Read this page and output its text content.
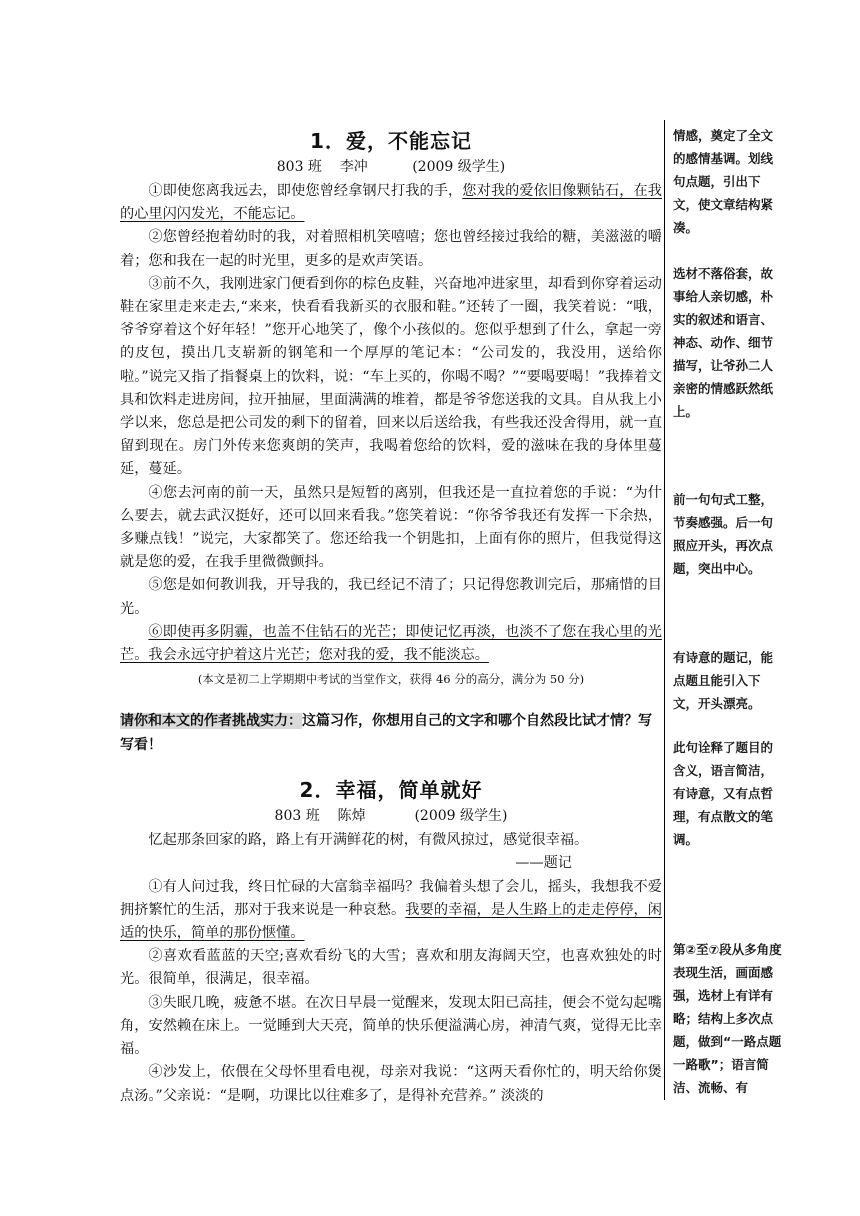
1．爱，不能忘记
803 班    李冲          (2009 级学生)

①即使您离我远去，即使您曾经拿钢尺打我的手，您对我的爱依旧像颗钻石，在我的心里闪闪发光，不能忘记。

②您曾经抱着幼时的我，对着照相机笑嘻嘻；您也曾经接过我给的糖，美滋滋的嚼着；您和我在一起的时光里，更多的是欢声笑语。

③前不久，我刚进家门便看到你的棕色皮鞋，兴奋地冲进家里，却看到你穿着运动鞋在家里走来走去,“来来，快看看我新买的衣服和鞋。”还转了一圈，我笑着说：“哦，爷爷穿着这个好年轻！”您开心地笑了，像个小孩似的。您似乎想到了什么，拿起一旁的皮包，摸出几支崭新的钢笔和一个厚厚的笔记本：“公司发的，我没用，送给你啦。”说完又指了指餐桌上的饮料，说：“车上买的，你喝不喝？”“要喝要喝！”我捧着文具和饮料走进房间，拉开抽屉，里面满满的堆着，都是爷爷您送我的文具。自从我上小学以来，您总是把公司发的剩下的留着，回来以后送给我，有些我还没舍得用，就一直留到现在。房门外传来您爽朗的笑声，我喝着您给的饮料，爱的滋味在我的身体里蔓延，蔓延。

④您去河南的前一天，虽然只是短暂的离别，但我还是一直拉着您的手说：“为什么要去，就去武汉挺好，还可以回来看我。”您笑着说：“你爷爷我还有发挥一下余热，多赚点钱！”说完，大家都笑了。您还给我一个钥匙扣，上面有你的照片，但我觉得这就是您的爱，在我手里微微颤抖。

⑤您是如何教训我，开导我的，我已经记不清了；只记得您教训完后，那痛惜的目光。

⑥即使再多阴霾，也盖不住钻石的光芒；即使记忆再淡，也淡不了您在我心里的光芒。我会永远守护着这片光芒；您对我的爱，我不能淡忘。

(本文是初二上学期期中考试的当堂作文，获得 46 分的高分，满分为 50 分)

请你和本文的作者挑战实力：这篇习作，你想用自己的文字和哪个自然段比试才情？写写看！

2．幸福，简单就好
803 班    陈焯           (2009 级学生)

忆起那条回家的路，路上有开满鲜花的树，有微风掠过，感觉很幸福。

——题记

①有人问过我，终日忙碌的大富翁幸福吗？我偏着头想了会儿，摇头，我想我不爱拥挤繁忙的生活，那对于我来说是一种哀愁。我要的幸福，是人生路上的走走停停，闲适的快乐，简单的那份惬懂。

②喜欢看蓝蓝的天空;喜欢看纷飞的大雪；喜欢和朋友海阔天空，也喜欢独处的时光。很简单，很满足，很幸福。

③失眠几晚，疲惫不堪。在次日早晨一觉醒来，发现太阳已高挂，便会不觉勾起嘴角，安然赖在床上。一觉睡到大天亮，简单的快乐便溢满心房，神清气爽，觉得无比幸福。

④沙发上，依偎在父母怀里看电视，母亲对我说：“这两天看你忙的，明天给你煲点汤。”父亲说：“是啊，功课比以往难多了，是得补充营养。” 淡淡的

情感，奠定了全文的感情基调。划线句点题，引出下文，使文章结构紧凑。
选材不落俗套，故事给人亲切感，朴实的叙述和语言、神态、动作、细节描写，让爷孙二人亲密的情感跃然纸上。
前一句句式工整，节奏感强。后一句照应开头，再次点题，突出中心。
有诗意的题记，能点题且能引入下文，开头漂亮。
此句诠释了题目的含义，语言简洁，有诗意，又有点哲理，有点散文的笔调。
第②至⑦段从多角度表现生活，画面感强，选材上有详有略；结构上多次点题，做到“一路点题一路歌”；语言简洁、流畅、有
